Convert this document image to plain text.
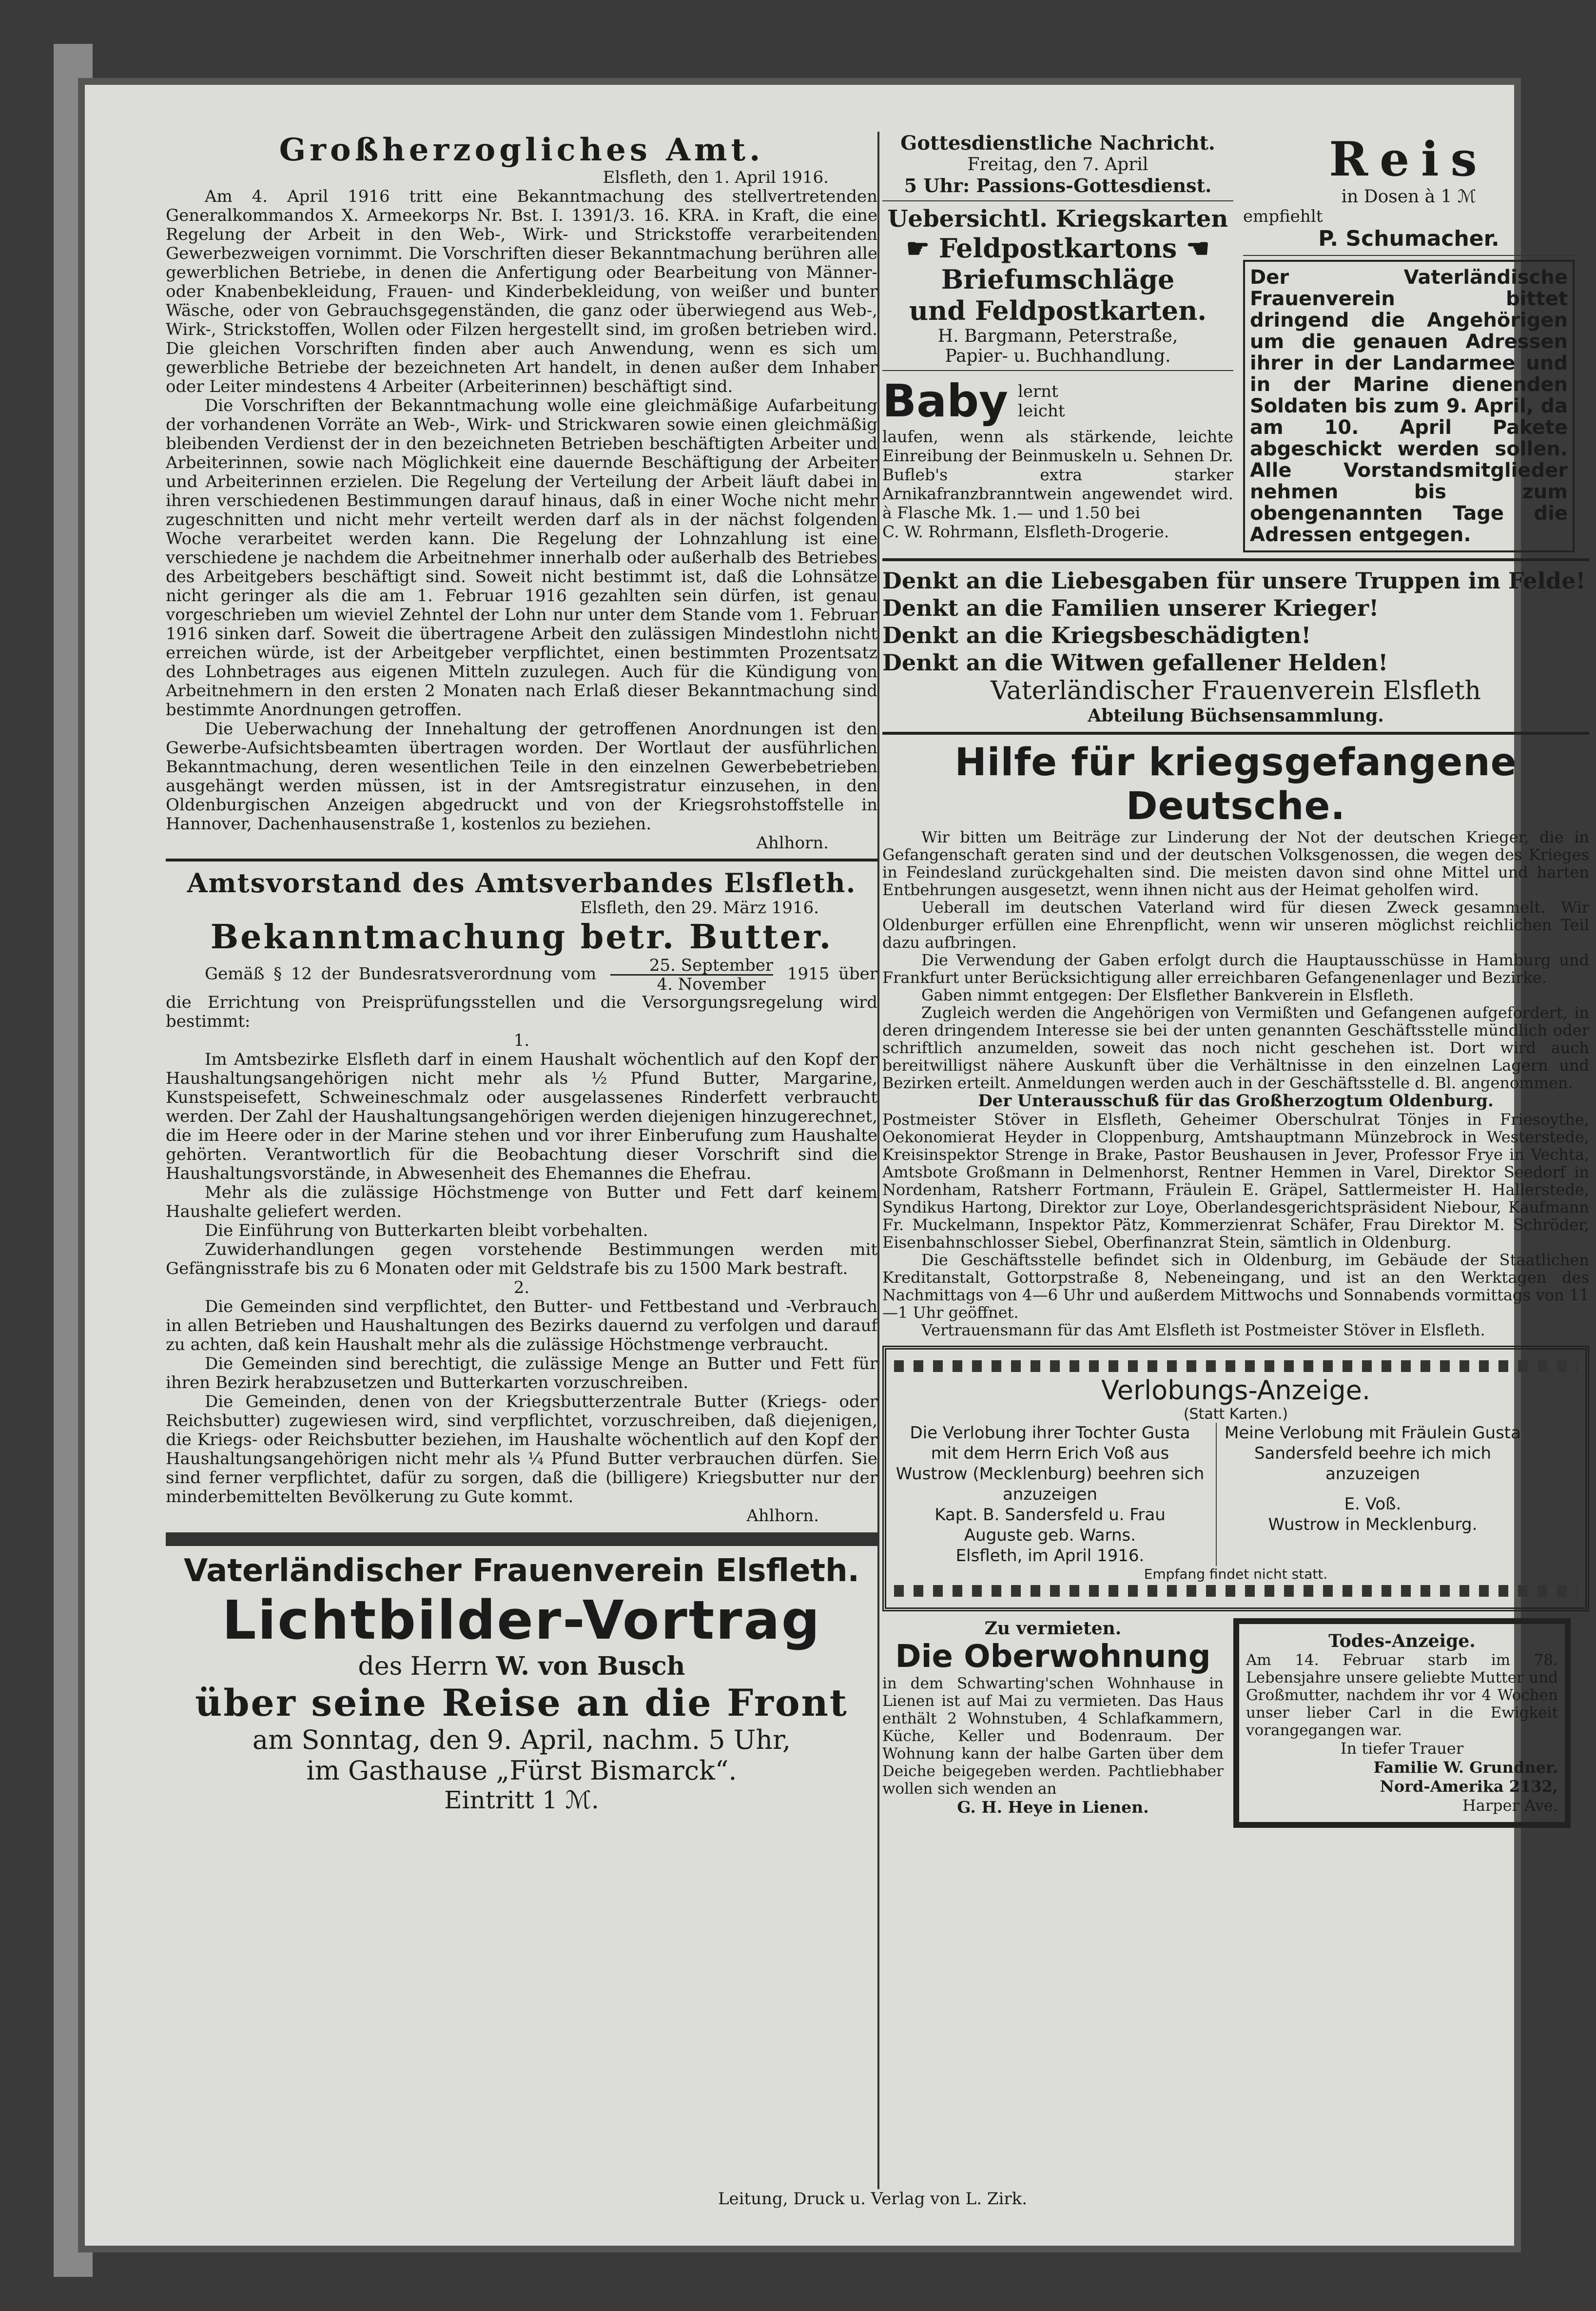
Großherzogliches Amt.

Elsfleth, den 1. April 1916.

Am 4. April 1916 tritt eine Bekanntmachung des stellvertretenden Generalkommandos X. Armeekorps Nr. Bst. I. 1391/3. 16. KRA. in Kraft, die eine Regelung der Arbeit in den Web-, Wirk- und Strickstoffe verarbeitenden Gewerbezweigen vornimmt. Die Vorschriften dieser Bekanntmachung berühren alle gewerblichen Betriebe, in denen die Anfertigung oder Bearbeitung von Männer- oder Knabenbekleidung, Frauen- und Kinderbekleidung, von weißer und bunter Wäsche, oder von Gebrauchsgegenständen, die ganz oder überwiegend aus Web-, Wirk-, Strickstoffen, Wollen oder Filzen hergestellt sind, im großen betrieben wird. Die gleichen Vorschriften finden aber auch Anwendung, wenn es sich um gewerbliche Betriebe der bezeichneten Art handelt, in denen außer dem Inhaber oder Leiter mindestens 4 Arbeiter (Arbeiterinnen) beschäftigt sind.

Die Vorschriften der Bekanntmachung wolle eine gleichmäßige Aufarbeitung der vorhandenen Vorräte an Web-, Wirk- und Strickwaren sowie einen gleichmäßig bleibenden Verdienst der in den bezeichneten Betrieben beschäftigten Arbeiter und Arbeiterinnen, sowie nach Möglichkeit eine dauernde Beschäftigung der Arbeiter und Arbeiterinnen erzielen. Die Regelung der Verteilung der Arbeit läuft dabei in ihren verschiedenen Bestimmungen darauf hinaus, daß in einer Woche nicht mehr zugeschnitten und nicht mehr verteilt werden darf als in der nächst folgenden Woche verarbeitet werden kann. Die Regelung der Lohnzahlung ist eine verschiedene je nachdem die Arbeitnehmer innerhalb oder außerhalb des Betriebes des Arbeitgebers beschäftigt sind. Soweit nicht bestimmt ist, daß die Lohnsätze nicht geringer als die am 1. Februar 1916 gezahlten sein dürfen, ist genau vorgeschrieben um wieviel Zehntel der Lohn nur unter dem Stande vom 1. Februar 1916 sinken darf. Soweit die übertragene Arbeit den zulässigen Mindestlohn nicht erreichen würde, ist der Arbeitgeber verpflichtet, einen bestimmten Prozentsatz des Lohnbetrages aus eigenen Mitteln zuzulegen. Auch für die Kündigung von Arbeitnehmern in den ersten 2 Monaten nach Erlaß dieser Bekanntmachung sind bestimmte Anordnungen getroffen.

Die Ueberwachung der Innehaltung der getroffenen Anordnungen ist den Gewerbe-Aufsichtsbeamten übertragen worden. Der Wortlaut der ausführlichen Bekanntmachung, deren wesentlichen Teile in den einzelnen Gewerbebetrieben ausgehängt werden müssen, ist in der Amtsregistratur einzusehen, in den Oldenburgischen Anzeigen abgedruckt und von der Kriegsrohstoffstelle in Hannover, Dachenhausenstraße 1, kostenlos zu beziehen.

Ahlhorn.

Amtsvorstand des Amtsverbandes Elsfleth.

Elsfleth, den 29. März 1916.

Bekanntmachung betr. Butter.

Gemäß § 12 der Bundesratsverordnung vom $\frac{\text{25. September}}{\text{4. November}} 1915$ über die Errichtung von Preisprüfungsstellen und die Versorgungsregelung wird bestimmt:

1.

Im Amtsbezirke Elsfleth darf in einem Haushalt wöchentlich auf den Kopf der Haushaltungsangehörigen nicht mehr als ½ Pfund Butter, Margarine, Kunstspeisefett, Schweineschmalz oder ausgelassenes Rinderfett verbraucht werden. Der Zahl der Haushaltungsangehörigen werden diejenigen hinzugerechnet, die im Heere oder in der Marine stehen und vor ihrer Einberufung zum Haushalte gehörten. Verantwortlich für die Beobachtung dieser Vorschrift sind die Haushaltungsvorstände, in Abwesenheit des Ehemannes die Ehefrau.

Mehr als die zulässige Höchstmenge von Butter und Fett darf keinem Haushalte geliefert werden.

Die Einführung von Butterkarten bleibt vorbehalten.

Zuwiderhandlungen gegen vorstehende Bestimmungen werden mit Gefängnisstrafe bis zu 6 Monaten oder mit Geldstrafe bis zu 1500 Mark bestraft.

2.

Die Gemeinden sind verpflichtet, den Butter- und Fettbestand und -Verbrauch in allen Betrieben und Haushaltungen des Bezirks dauernd zu verfolgen und darauf zu achten, daß kein Haushalt mehr als die zulässige Höchstmenge verbraucht.

Die Gemeinden sind berechtigt, die zulässige Menge an Butter und Fett für ihren Bezirk herabzusetzen und Butterkarten vorzuschreiben.

Die Gemeinden, denen von der Kriegsbutterzentrale Butter (Kriegs- oder Reichsbutter) zugewiesen wird, sind verpflichtet, vorzuschreiben, daß diejenigen, die Kriegs- oder Reichsbutter beziehen, im Haushalte wöchentlich auf den Kopf der Haushaltungsangehörigen nicht mehr als ¼ Pfund Butter verbrauchen dürfen. Sie sind ferner verpflichtet, dafür zu sorgen, daß die (billigere) Kriegsbutter nur der minderbemittelten Bevölkerung zu Gute kommt.

Ahlhorn.

Vaterländischer Frauenverein Elsfleth.
Lichtbilder-Vortrag
des Herrn W. von Busch
über seine Reise an die Front
am Sonntag, den 9. April, nachm. 5 Uhr,
im Gasthause „Fürst Bismarck“.
Eintritt 1 ℳ.
Gottesdienstliche Nachricht.
Freitag, den 7. April
5 Uhr: Passions-Gottesdienst.
Uebersichtl. Kriegskarten
☛ Feldpostkartons ☚
Briefumschläge
und Feldpostkarten.
H. Bargmann, Peterstraße,
Papier- u. Buchhandlung.
Baby lernt
leicht

laufen, wenn als stärkende, leichte Einreibung der Beinmuskeln u. Sehnen Dr. Bufleb's extra starker Arnikafranzbranntwein angewendet wird. à Flasche Mk. 1.— und 1.50 bei

C. W. Rohrmann, Elsfleth-Drogerie.

Reis
in Dosen à 1 ℳ
empfiehlt
P. Schumacher.

Der Vaterländische Frauenverein bittet dringend die Angehörigen um die genauen Adressen ihrer in der Landarmee und in der Marine dienenden Soldaten bis zum 9. April, da am 10. April Pakete abgeschickt werden sollen. Alle Vorstandsmitglieder nehmen bis zum obengenannten Tage die Adressen entgegen.

Denkt an die Liebesgaben für unsere Truppen im Felde!
Denkt an die Familien unserer Krieger!
Denkt an die Kriegsbeschädigten!
Denkt an die Witwen gefallener Helden!
Vaterländischer Frauenverein Elsfleth
Abteilung Büchsensammlung.
Hilfe für kriegsgefangene Deutsche.

Wir bitten um Beiträge zur Linderung der Not der deutschen Krieger, die in Gefangenschaft geraten sind und der deutschen Volksgenossen, die wegen des Krieges in Feindesland zurückgehalten sind. Die meisten davon sind ohne Mittel und harten Entbehrungen ausgesetzt, wenn ihnen nicht aus der Heimat geholfen wird.

Ueberall im deutschen Vaterland wird für diesen Zweck gesammelt. Wir Oldenburger erfüllen eine Ehrenpflicht, wenn wir unseren möglichst reichlichen Teil dazu aufbringen.

Die Verwendung der Gaben erfolgt durch die Hauptausschüsse in Hamburg und Frankfurt unter Berücksichtigung aller erreichbaren Gefangenenlager und Bezirke.

Gaben nimmt entgegen: Der Elsflether Bankverein in Elsfleth.

Zugleich werden die Angehörigen von Vermißten und Gefangenen aufgefordert, in deren dringendem Interesse sie bei der unten genannten Geschäftsstelle mündlich oder schriftlich anzumelden, soweit das noch nicht geschehen ist. Dort wird auch bereitwilligst nähere Auskunft über die Verhältnisse in den einzelnen Lagern und Bezirken erteilt. Anmeldungen werden auch in der Geschäftsstelle d. Bl. angenommen.

Der Unterausschuß für das Großherzogtum Oldenburg.

Postmeister Stöver in Elsfleth, Geheimer Oberschulrat Tönjes in Friesoythe, Oekonomierat Heyder in Cloppenburg, Amtshauptmann Münzebrock in Westerstede, Kreisinspektor Strenge in Brake, Pastor Beushausen in Jever, Professor Frye in Vechta, Amtsbote Großmann in Delmenhorst, Rentner Hemmen in Varel, Direktor Seedorf in Nordenham, Ratsherr Fortmann, Fräulein E. Gräpel, Sattlermeister H. Hallerstede, Syndikus Hartong, Direktor zur Loye, Oberlandesgerichtspräsident Niebour, Kaufmann Fr. Muckelmann, Inspektor Pätz, Kommerzienrat Schäfer, Frau Direktor M. Schröder, Eisenbahnschlosser Siebel, Oberfinanzrat Stein, sämtlich in Oldenburg.

Die Geschäftsstelle befindet sich in Oldenburg, im Gebäude der Staatlichen Kreditanstalt, Gottorpstraße 8, Nebeneingang, und ist an den Werktagen des Nachmittags von 4—6 Uhr und außerdem Mittwochs und Sonnabends vormittags von 11—1 Uhr geöffnet.

Vertrauensmann für das Amt Elsfleth ist Postmeister Stöver in Elsfleth.

Verlobungs-Anzeige.
(Statt Karten.)
Die Verlobung ihrer Tochter Gusta mit dem Herrn Erich Voß aus Wustrow (Mecklenburg) beehren sich anzuzeigen
Kapt. B. Sandersfeld u. Frau
Auguste geb. Warns.
Elsfleth, im April 1916.
Meine Verlobung mit Fräulein Gusta Sandersfeld beehre ich mich anzuzeigen
E. Voß.
Wustrow in Mecklenburg.
Empfang findet nicht statt.
Zu vermieten.
Die Oberwohnung

in dem Schwarting'schen Wohnhause in Lienen ist auf Mai zu vermieten. Das Haus enthält 2 Wohnstuben, 4 Schlafkammern, Küche, Keller und Bodenraum. Der Wohnung kann der halbe Garten über dem Deiche beigegeben werden. Pachtliebhaber wollen sich wenden an

G. H. Heye in Lienen.

Todes-Anzeige.

Am 14. Februar starb im 78. Lebensjahre unsere geliebte Mutter und Großmutter, nachdem ihr vor 4 Wochen unser lieber Carl in die Ewigkeit vorangegangen war.

In tiefer Trauer

Familie W. Grundner.

Nord-Amerika 2132,

Harper Ave.

Leitung, Druck u. Verlag von L. Zirk.
